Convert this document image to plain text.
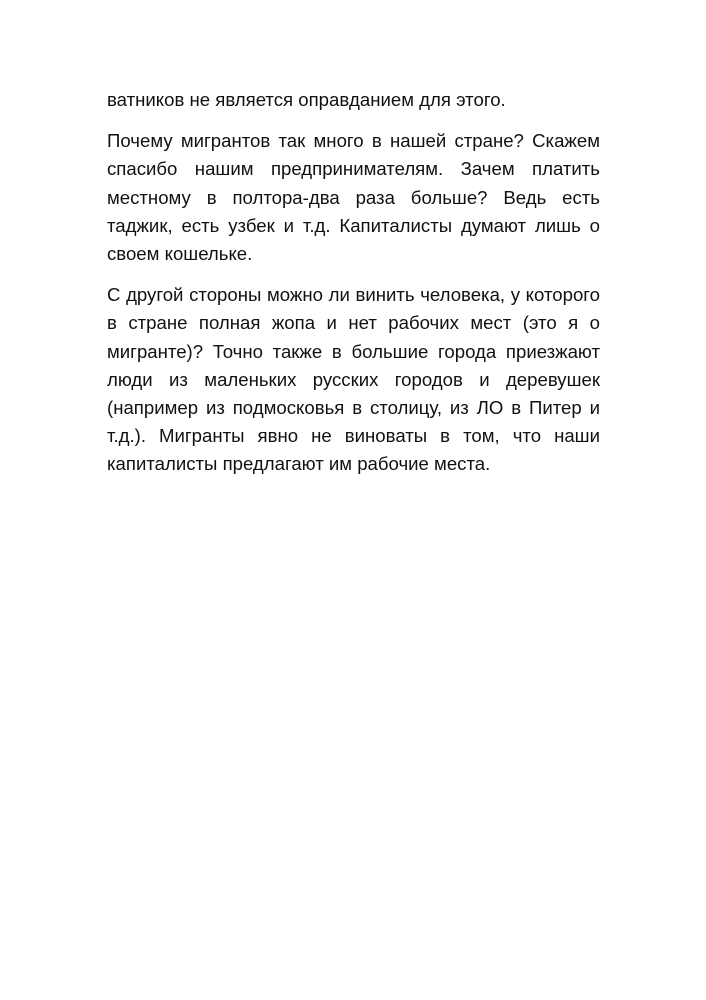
ватников не является оправданием для этого.

Почему мигрантов так много в нашей стране? Скажем спасибо нашим предпринимателям. Зачем платить местному в полтора-два раза больше? Ведь есть таджик, есть узбек и т.д. Капиталисты думают лишь о своем кошельке.

С другой стороны можно ли винить человека, у которого в стране полная жопа и нет рабочих мест (это я о мигранте)? Точно также в большие города приезжают люди из маленьких русских городов и деревушек (например из подмосковья в столицу, из ЛО в Питер и т.д.). Мигранты явно не виноваты в том, что наши капиталисты предлагают им рабочие места.
